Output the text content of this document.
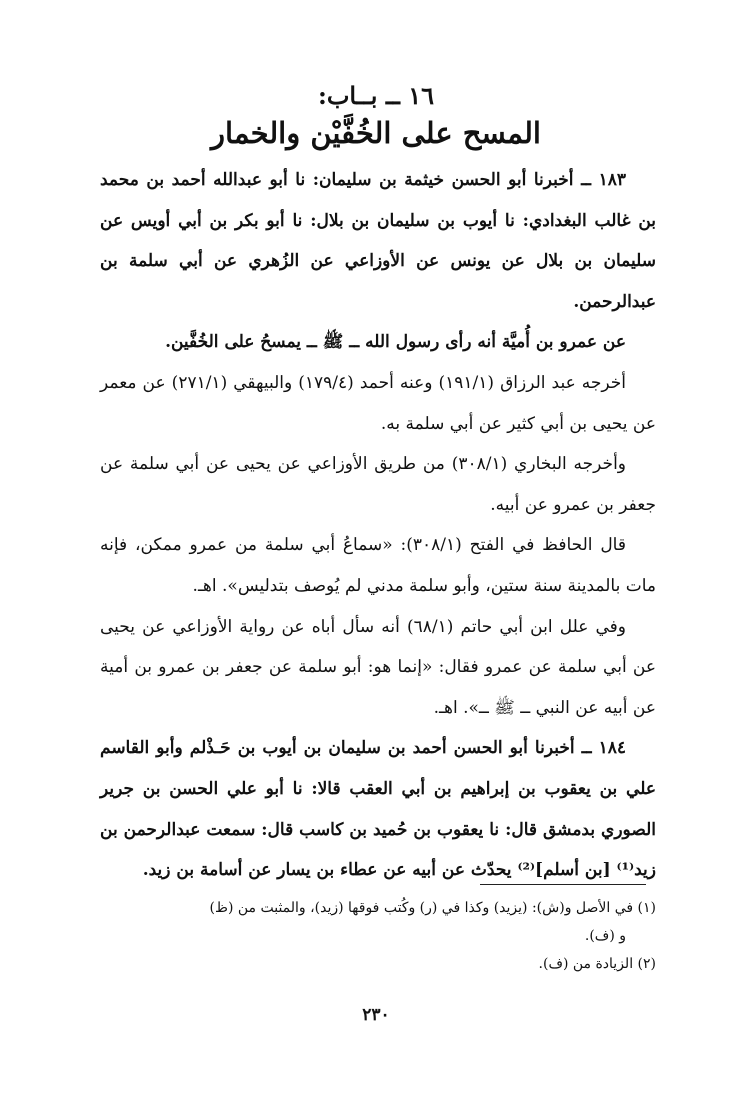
١٦ ــ بــاب:
المسح على الخُفَّيْن والخمار

١٨٣ ــ أخبرنا أبو الحسن خيثمة بن سليمان: نا أبو عبدالله أحمد بن محمد بن غالب البغدادي: نا أيوب بن سليمان بن بلال: نا أبو بكر بن أبي أويس عن سليمان بن بلال عن يونس عن الأوزاعي عن الزُهري عن أبي سلمة بن عبدالرحمن.

عن عمرو بن أُميَّة أنه رأى رسول الله ــ ﷺ ــ يمسحُ على الخُفَّين.

أخرجه عبد الرزاق (١٩١/١) وعنه أحمد (١٧٩/٤) والبيهقي (٢٧١/١) عن معمر عن يحيى بن أبي كثير عن أبي سلمة به.

وأخرجه البخاري (٣٠٨/١) من طريق الأوزاعي عن يحيى عن أبي سلمة عن جعفر بن عمرو عن أبيه.

قال الحافظ في الفتح (٣٠٨/١): «سماعُ أبي سلمة من عمرو ممكن، فإنه مات بالمدينة سنة ستين، وأبو سلمة مدني لم يُوصف بتدليس». اهـ.

وفي علل ابن أبي حاتم (٦٨/١) أنه سأل أباه عن رواية الأوزاعي عن يحيى عن أبي سلمة عن عمرو فقال: «إنما هو: أبو سلمة عن جعفر بن عمرو بن أمية عن أبيه عن النبي ــ ﷺ ــ». اهـ.

١٨٤ ــ أخبرنا أبو الحسن أحمد بن سليمان بن أيوب بن حَـذْلم وأبو القاسم علي بن يعقوب بن إبراهيم بن أبي العقب قالا: نا أبو علي الحسن بن جرير الصوري بدمشق قال: نا يعقوب بن حُميد بن كاسب قال: سمعت عبدالرحمن بن زيد⁽¹⁾ [بن أسلم]⁽²⁾ يحدّث عن أبيه عن عطاء بن يسار عن أسامة بن زيد.

(١) في الأصل و(ش): (يزيد) وكذا في (ر) وكُتب فوقها (زيد)، والمثبت من (ظ)

و (ف).

(٢) الزيادة من (ف).

٢٣٠
